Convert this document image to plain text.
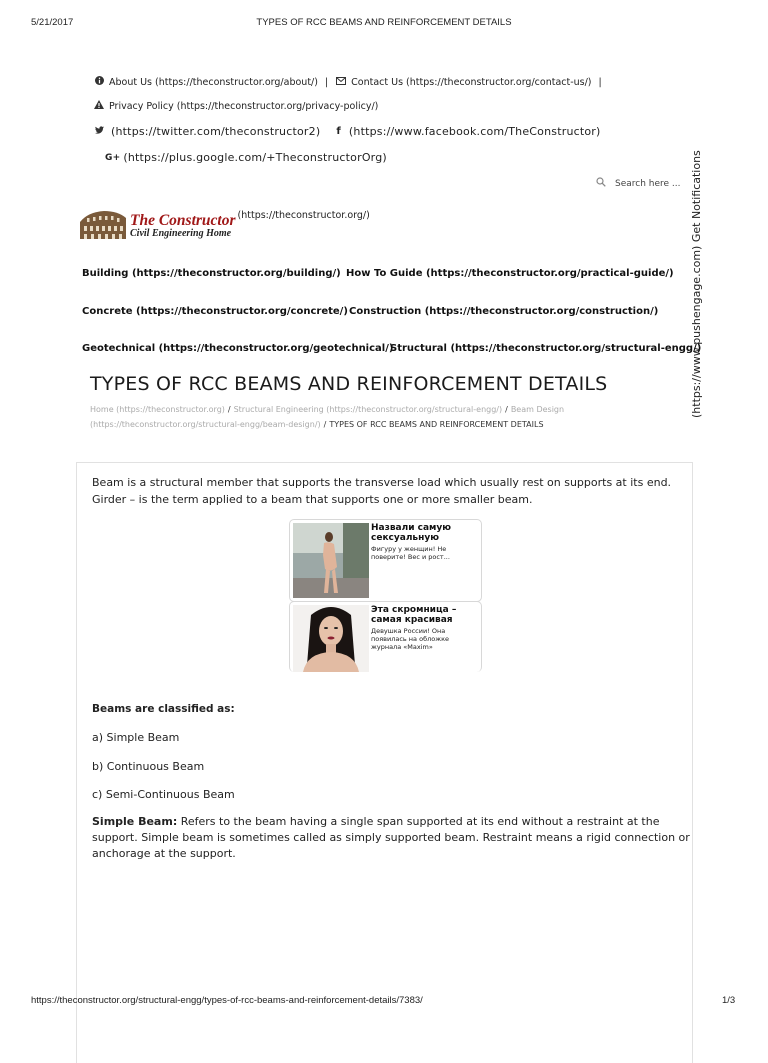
5/21/2017	TYPES OF RCC BEAMS AND REINFORCEMENT DETAILS
About Us (https://theconstructor.org/about/) | Contact Us (https://theconstructor.org/contact-us/) |
Privacy Policy (https://theconstructor.org/privacy-policy/)
(https://twitter.com/theconstructor2) f (https://www.facebook.com/TheConstructor)
G+ (https://plus.google.com/+TheconstructorOrg)
Search here ...
The Constructor
Civil Engineering Home
(https://theconstructor.org/)
Building (https://theconstructor.org/building/) How To Guide (https://theconstructor.org/practical-guide/)
Concrete (https://theconstructor.org/concrete/) Construction (https://theconstructor.org/construction/)
Geotechnical (https://theconstructor.org/geotechnical/)
Structural (https://theconstructor.org/structural-engg/)
TYPES OF RCC BEAMS AND REINFORCEMENT DETAILS
Home (https://theconstructor.org) / Structural Engineering (https://theconstructor.org/structural-engg/) / Beam Design
(https://theconstructor.org/structural-engg/beam-design/) / TYPES OF RCC BEAMS AND REINFORCEMENT DETAILS
Beam is a structural member that supports the transverse load which usually rest on supports at its end.
Girder – is the term applied to a beam that supports one or more smaller beam.
Назвали самую сексуальную
Фигуру у женщин! Не поверите! Вес и рост...
Эта скромница – самая красивая
Девушка России! Она появилась на обложке журнала «Maxim»
Beams are classified as:
a) Simple Beam
b) Continuous Beam
c) Semi-Continuous Beam
Simple Beam: Refers to the beam having a single span supported at its end without a restraint at the
support. Simple beam is sometimes called as simply supported beam. Restraint means a rigid connection or
anchorage at the support.
(https://www.pushengage.com) Get Notifications
https://theconstructor.org/structural-engg/types-of-rcc-beams-and-reinforcement-details/7383/	1/3
